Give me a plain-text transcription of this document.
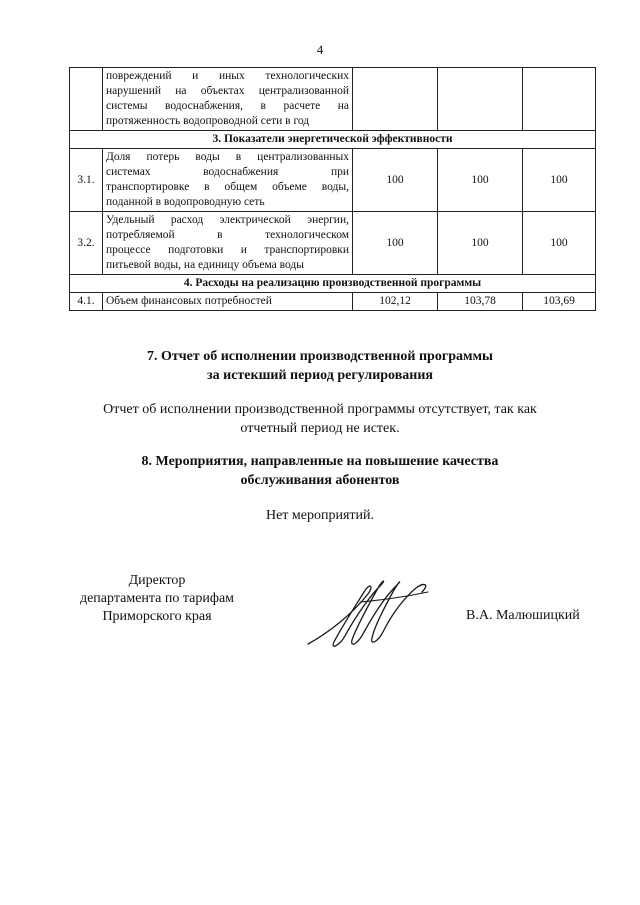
4

	повреждений и иных технологических
нарушений на объектах централизованной
системы водоснабжения, в расчете на
протяженность водопроводной сети в год			

3. Показатели энергетической эффективности				
3.1.	Доля потерь воды в централизованных
системах водоснабжения при
транспортировке в общем объеме воды,
поданной в водопроводную сеть	100	100	100
3.2.	Удельный расход электрической энергии,
потребляемой в технологическом
процессе подготовки и транспортировки
питьевой воды, на единицу объема воды	100	100	100
4. Расходы на реализацию производственной программы				
4.1.	Объем финансовых потребностей	102,12	103,78	103,69
7. Отчет об исполнении производственной программы
за истекший период регулирования
Отчет об исполнении производственной программы отсутствует, так как
отчетный период не истек.
8. Мероприятия, направленные на повышение качества
обслуживания абонентов
Нет мероприятий.
Директор
департамента по тарифам
Приморского края	В.А. Малюшицкий
